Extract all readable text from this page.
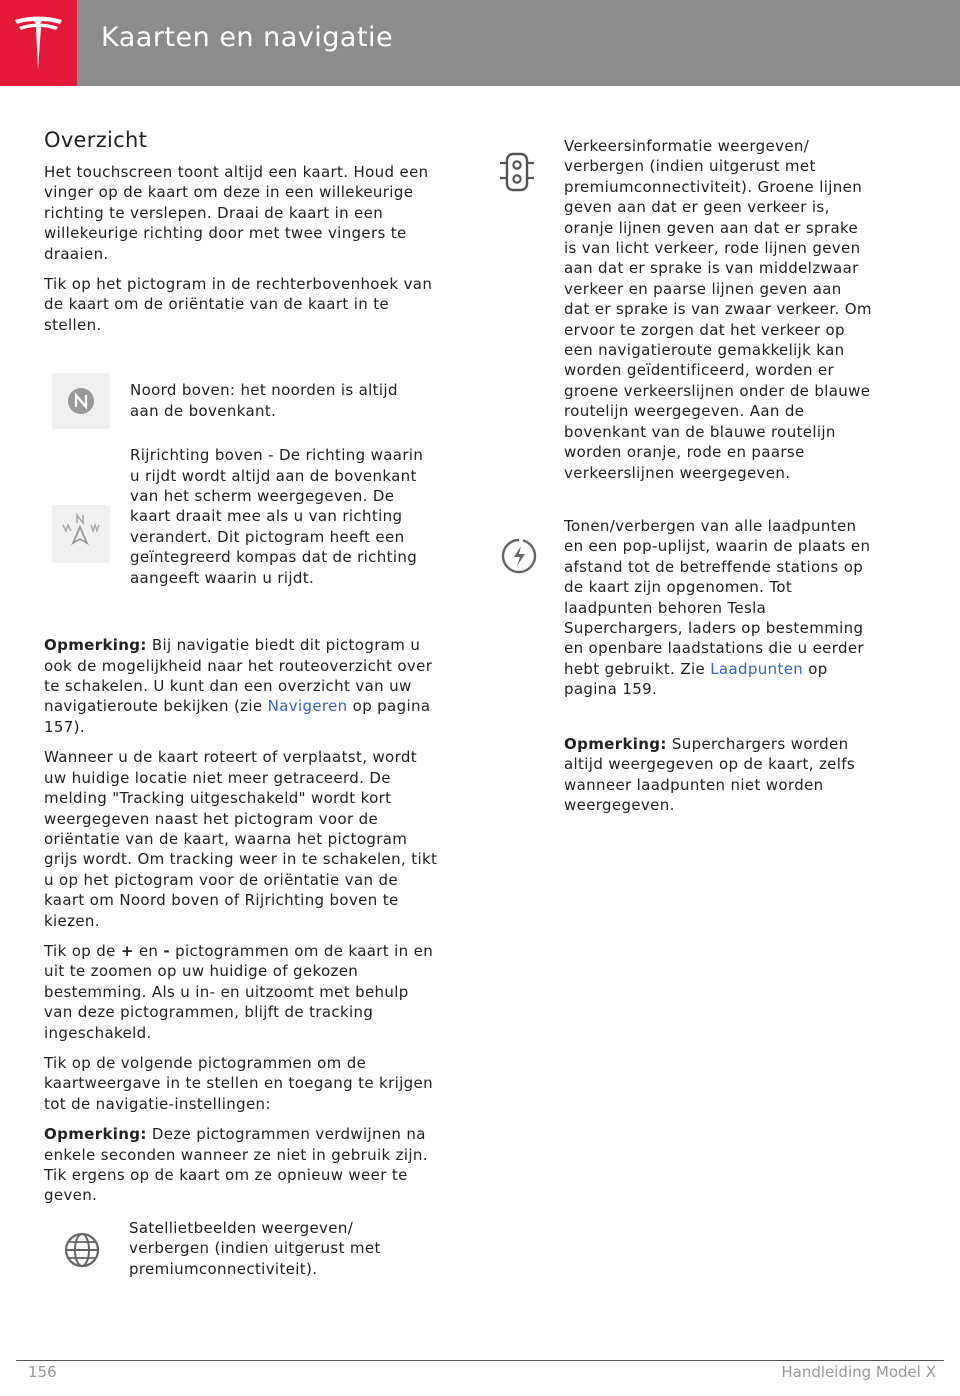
Kaarten en navigatie
Overzicht

Het touchscreen toont altijd een kaart. Houd een vinger op de kaart om deze in een willekeurige richting te verslepen. Draai de kaart in een willekeurige richting door met twee vingers te draaien.

Tik op het pictogram in de rechterbovenhoek van de kaart om de oriëntatie van de kaart in te stellen.

Noord boven: het noorden is altijd aan de bovenkant.
Rijrichting boven - De richting waarin u rijdt wordt altijd aan de bovenkant van het scherm weergegeven. De kaart draait mee als u van richting verandert. Dit pictogram heeft een geïntegreerd kompas dat de richting aangeeft waarin u rijdt.

Opmerking: Bij navigatie biedt dit pictogram u ook de mogelijkheid naar het routeoverzicht over te schakelen. U kunt dan een overzicht van uw navigatieroute bekijken (zie Navigeren op pagina 157).

Wanneer u de kaart roteert of verplaatst, wordt uw huidige locatie niet meer getraceerd. De melding "Tracking uitgeschakeld" wordt kort weergegeven naast het pictogram voor de oriëntatie van de kaart, waarna het pictogram grijs wordt. Om tracking weer in te schakelen, tikt u op het pictogram voor de oriëntatie van de kaart om Noord boven of Rijrichting boven te kiezen.

Tik op de + en - pictogrammen om de kaart in en uit te zoomen op uw huidige of gekozen bestemming. Als u in- en uitzoomt met behulp van deze pictogrammen, blijft de tracking ingeschakeld.

Tik op de volgende pictogrammen om de kaartweergave in te stellen en toegang te krijgen tot de navigatie-instellingen:

Opmerking: Deze pictogrammen verdwijnen na enkele seconden wanneer ze niet in gebruik zijn. Tik ergens op de kaart om ze opnieuw weer te geven.

Satellietbeelden weergeven/ verbergen (indien uitgerust met premiumconnectiviteit).
Verkeersinformatie weergeven/ verbergen (indien uitgerust met premiumconnectiviteit). Groene lijnen geven aan dat er geen verkeer is, oranje lijnen geven aan dat er sprake is van licht verkeer, rode lijnen geven aan dat er sprake is van middelzwaar verkeer en paarse lijnen geven aan dat er sprake is van zwaar verkeer. Om ervoor te zorgen dat het verkeer op een navigatieroute gemakkelijk kan worden geïdentificeerd, worden er groene verkeerslijnen onder de blauwe routelijn weergegeven. Aan de bovenkant van de blauwe routelijn worden oranje, rode en paarse verkeerslijnen weergegeven.
Tonen/verbergen van alle laadpunten en een pop-uplijst, waarin de plaats en afstand tot de betreffende stations op de kaart zijn opgenomen. Tot laadpunten behoren Tesla Superchargers, laders op bestemming en openbare laadstations die u eerder hebt gebruikt. Zie Laadpunten op pagina 159.

Opmerking: Superchargers worden altijd weergegeven op de kaart, zelfs wanneer laadpunten niet worden weergegeven.

156	Handleiding Model X
